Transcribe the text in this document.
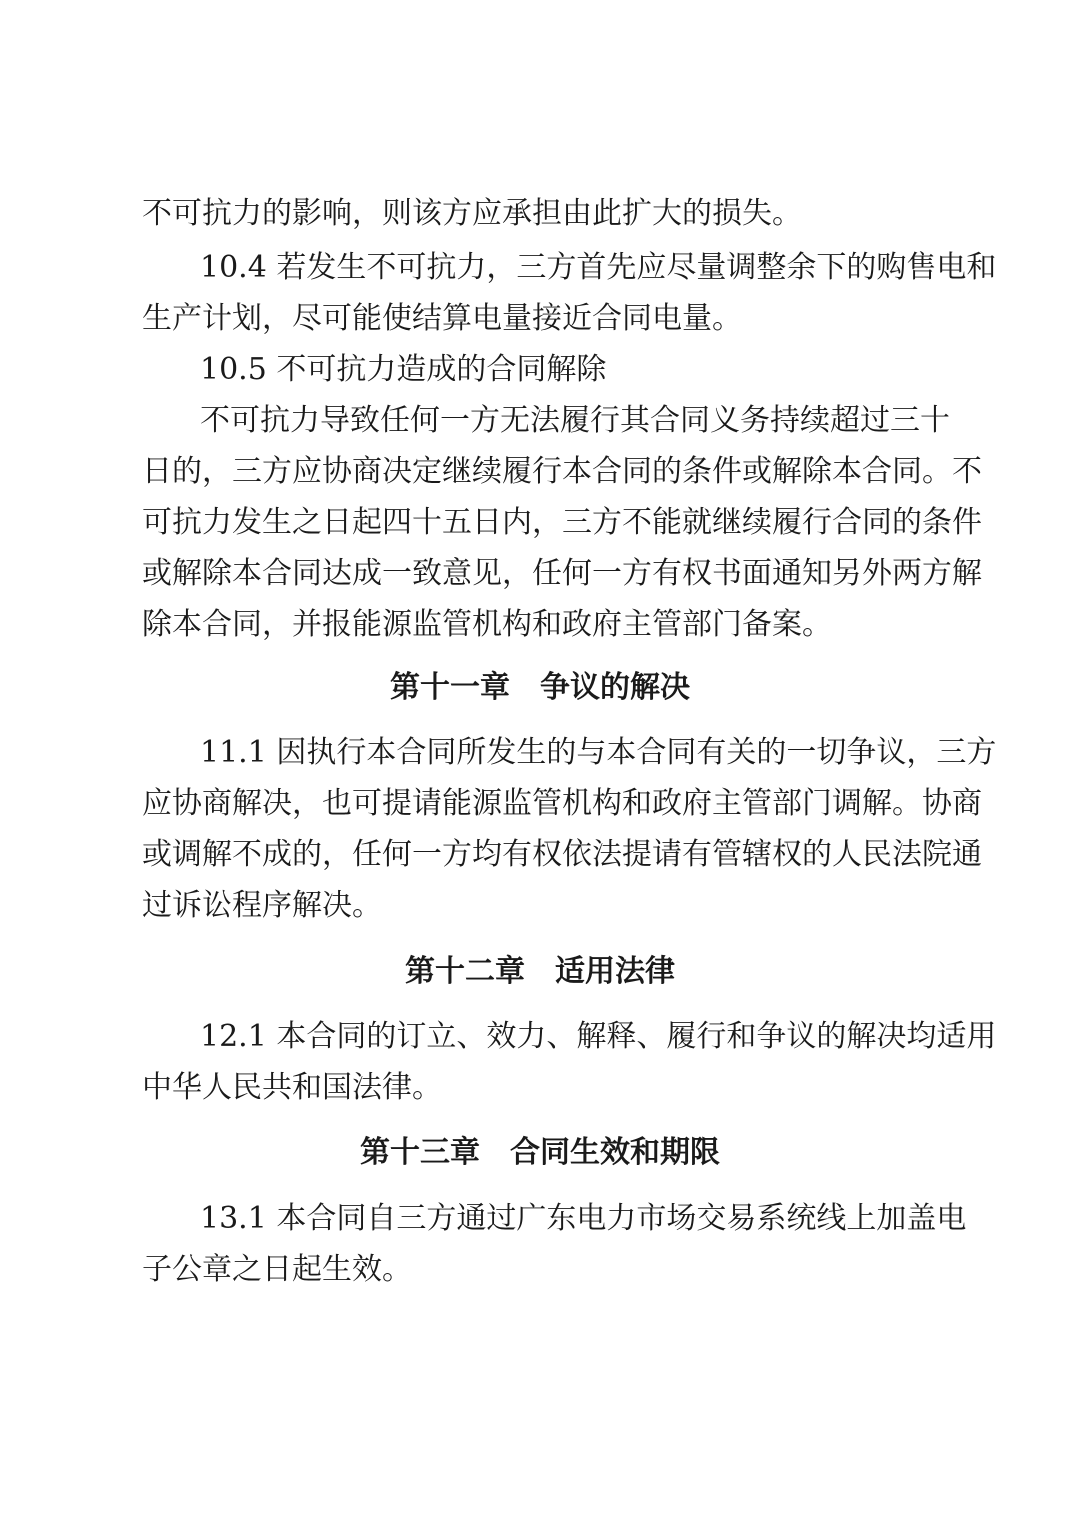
不可抗力的影响，则该方应承担由此扩大的损失。
10.4 若发生不可抗力，三方首先应尽量调整余下的购售电和
生产计划，尽可能使结算电量接近合同电量。
10.5 不可抗力造成的合同解除
不可抗力导致任何一方无法履行其合同义务持续超过三十
日的，三方应协商决定继续履行本合同的条件或解除本合同。不
可抗力发生之日起四十五日内，三方不能就继续履行合同的条件
或解除本合同达成一致意见，任何一方有权书面通知另外两方解
除本合同，并报能源监管机构和政府主管部门备案。
第十一章　争议的解决
11.1 因执行本合同所发生的与本合同有关的一切争议，三方
应协商解决，也可提请能源监管机构和政府主管部门调解。协商
或调解不成的，任何一方均有权依法提请有管辖权的人民法院通
过诉讼程序解决。
第十二章　适用法律
12.1 本合同的订立、效力、解释、履行和争议的解决均适用
中华人民共和国法律。
第十三章　合同生效和期限
13.1 本合同自三方通过广东电力市场交易系统线上加盖电
子公章之日起生效。
